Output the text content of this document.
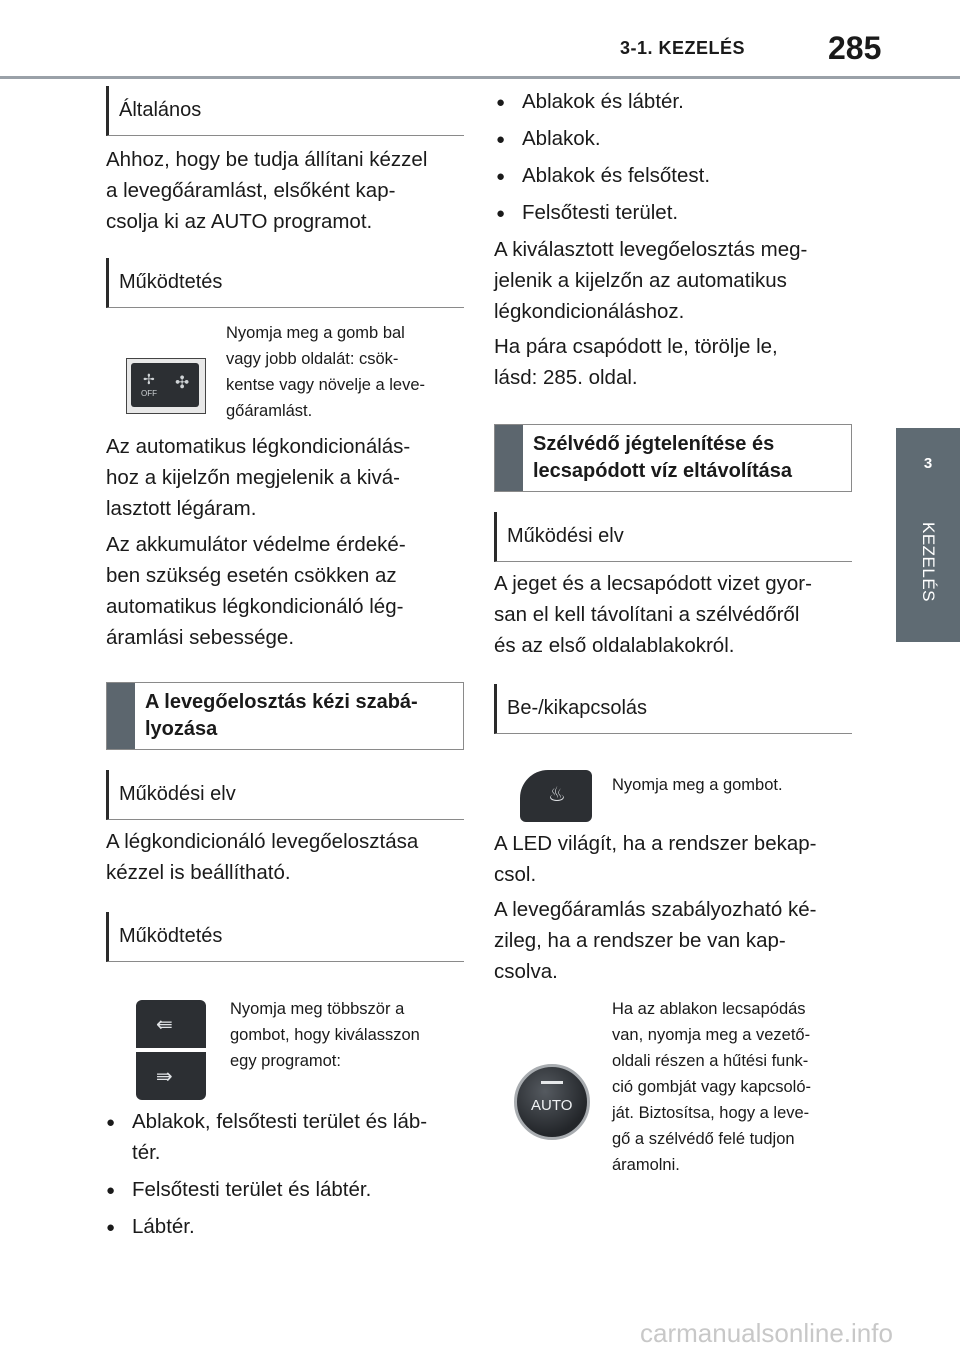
3-1. KEZELÉS	285
3
KEZELÉS
Általános
Ahhoz, hogy be tudja állítani kézzel
a levegőáramlást, elsőként kap-
csolja ki az AUTO programot.
Működtetés
✢
OFF
✣
Nyomja meg a gomb bal
vagy jobb oldalát: csök-
kentse vagy növelje a leve-
gőáramlást.
Az automatikus légkondicionálás-
hoz a kijelzőn megjelenik a kivá-
lasztott légáram.
Az akkumulátor védelme érdeké-
ben szükség esetén csökken az
automatikus légkondicionáló lég-
áramlási sebessége.
A levegőelosztás kézi szabá-
lyozása
Működési elv
A légkondicionáló levegőelosztása
kézzel is beállítható.
Működtetés
⇚
⇛
Nyomja meg többször a
gombot, hogy kiválasszon
egy programot:
● Ablakok, felsőtesti terület és láb-
tér.
● Felsőtesti terület és lábtér.
● Lábtér.
● Ablakok és lábtér.
● Ablakok.
● Ablakok és felsőtest.
● Felsőtesti terület.
A kiválasztott levegőelosztás meg-
jelenik a kijelzőn az automatikus
légkondicionáláshoz.
Ha pára csapódott le, törölje le,
lásd: 285. oldal.
Szélvédő jégtelenítése és
lecsapódott víz eltávolítása
Működési elv
A jeget és a lecsapódott vizet gyor-
san el kell távolítani a szélvédőről
és az első oldalablakokról.
Be-/kikapcsolás
♨	Nyomja meg a gombot.
A LED világít, ha a rendszer bekap-
csol.
A levegőáramlás szabályozható ké-
zileg, ha a rendszer be van kap-
csolva.
AUTO
Ha az ablakon lecsapódás
van, nyomja meg a vezető-
oldali részen a hűtési funk-
ció gombját vagy kapcsoló-
ját. Biztosítsa, hogy a leve-
gő a szélvédő felé tudjon
áramolni.
carmanualsonline.info
